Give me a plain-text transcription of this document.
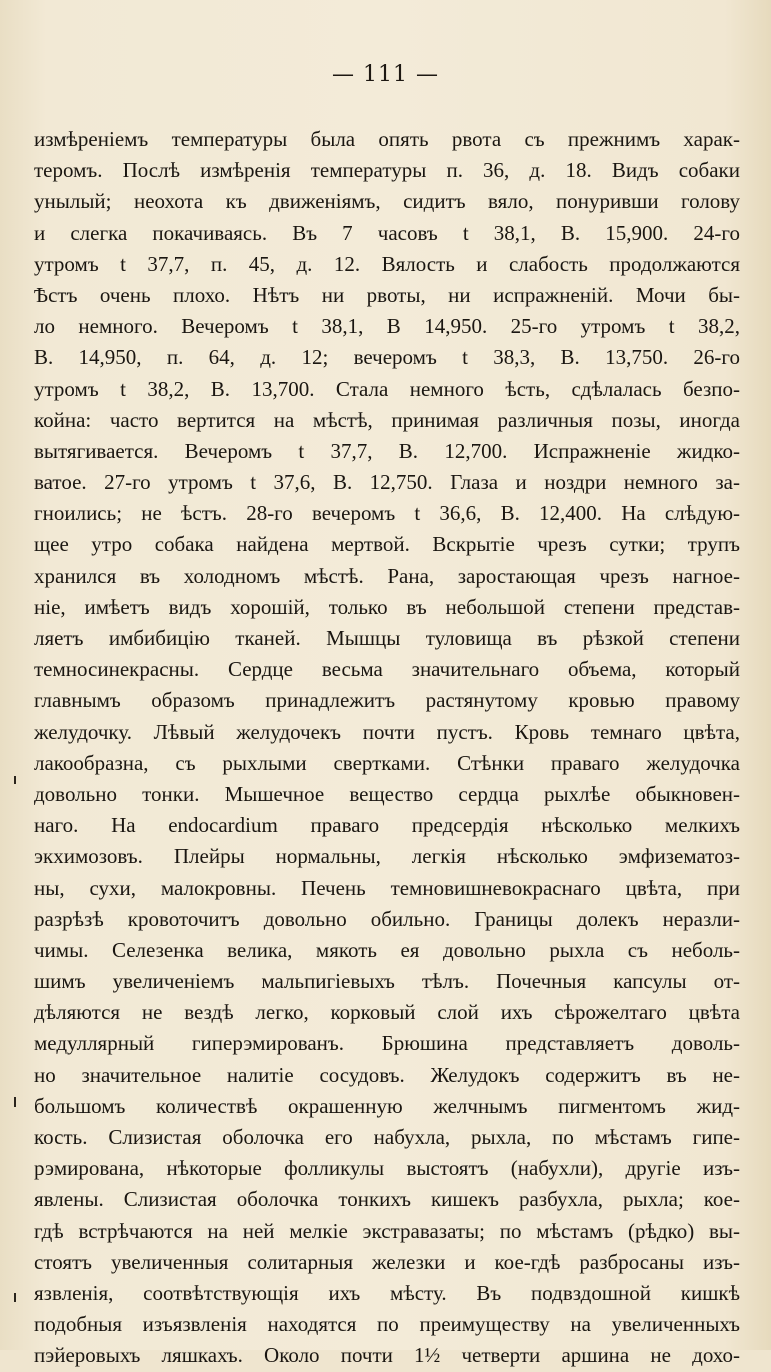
— 111 —
измѣреніемъ температуры была опять рвота съ прежнимъ харак-
теромъ. Послѣ измѣренія температуры п. 36, д. 18. Видъ собаки
унылый; неохота къ движеніямъ, сидитъ вяло, понуривши голову
и слегка покачиваясь. Въ 7 часовъ t 38,1, В. 15,900. 24-го
утромъ t 37,7, п. 45, д. 12. Вялость и слабость продолжаются
Ѣстъ очень плохо. Нѣтъ ни рвоты, ни испражненій. Мочи бы-
ло немного. Вечеромъ t 38,1, В 14,950. 25-го утромъ t 38,2,
В. 14,950, п. 64, д. 12; вечеромъ t 38,3, В. 13,750. 26-го
утромъ t 38,2, В. 13,700. Стала немного ѣсть, сдѣлалась безпо-
койна: часто вертится на мѣстѣ, принимая различныя позы, иногда
вытягивается. Вечеромъ t 37,7, В. 12,700. Испражненіе жидко-
ватое. 27-го утромъ t 37,6, В. 12,750. Глаза и ноздри немного за-
гноились; не ѣстъ. 28-го вечеромъ t 36,6, В. 12,400. На слѣдую-
щее утро собака найдена мертвой. Вскрытіе чрезъ сутки; трупъ
хранился въ холодномъ мѣстѣ. Рана, заростающая чрезъ нагное-
ніе, имѣетъ видъ хорошій, только въ небольшой степени представ-
ляетъ имбибицію тканей. Мышцы туловища въ рѣзкой степени
темносинекрасны. Сердце весьма значительнаго объема, который
главнымъ образомъ принадлежитъ растянутому кровью правому
желудочку. Лѣвый желудочекъ почти пустъ. Кровь темнаго цвѣта,
лакообразна, съ рыхлыми свертками. Стѣнки праваго желудочка
довольно тонки. Мышечное вещество сердца рыхлѣе обыкновен-
наго. На endocardium праваго предсердія нѣсколько мелкихъ
экхимозовъ. Плейры нормальны, легкія нѣсколько эмфизематоз-
ны, сухи, малокровны. Печень темновишневокраснаго цвѣта, при
разрѣзѣ кровоточитъ довольно обильно. Границы долекъ неразли-
чимы. Селезенка велика, мякоть ея довольно рыхла съ неболь-
шимъ увеличеніемъ мальпигіевыхъ тѣлъ. Почечныя капсулы от-
дѣляются не вездѣ легко, корковый слой ихъ сѣрожелтаго цвѣта
медуллярный гиперэмированъ. Брюшина представляетъ доволь-
но значительное налитіе сосудовъ. Желудокъ содержитъ въ не-
большомъ количествѣ окрашенную желчнымъ пигментомъ жид-
кость. Слизистая оболочка его набухла, рыхла, по мѣстамъ гипе-
рэмирована, нѣкоторые фолликулы выстоятъ (набухли), другіе изъ-
явлены. Слизистая оболочка тонкихъ кишекъ разбухла, рыхла; кое-
гдѣ встрѣчаются на ней мелкіе экстравазаты; по мѣстамъ (рѣдко) вы-
стоятъ увеличенныя солитарныя железки и кое-гдѣ разбросаны изъ-
язвленія, соотвѣтствующія ихъ мѣсту. Въ подвздошной кишкѣ
подобныя изъязвленія находятся по преимуществу на увеличенныхъ
пэйеровыхъ ляшкахъ. Около почти 1½ четверти аршина не дохо-
